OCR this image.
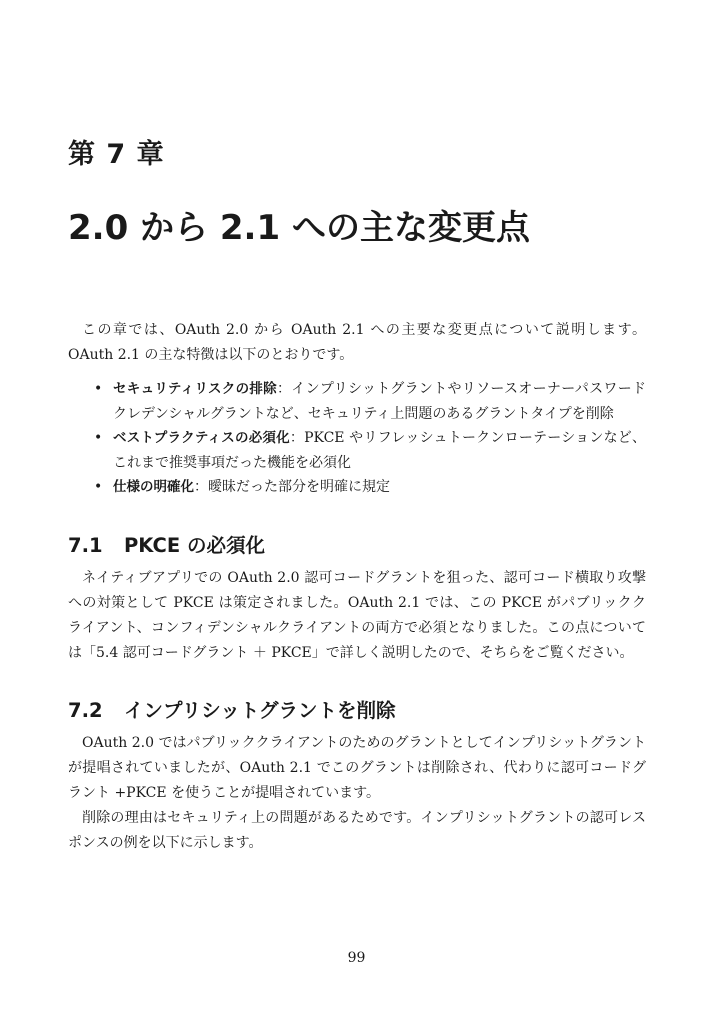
第 7 章
2.0 から 2.1 への主な変更点

この章では、OAuth 2.0 から OAuth 2.1 への主要な変更点について説明します。OAuth 2.1 の主な特徴は以下のとおりです。

• セキュリティリスクの排除：インプリシットグラントやリソースオーナーパスワードクレデンシャルグラントなど、セキュリティ上問題のあるグラントタイプを削除
• ベストプラクティスの必須化：PKCE やリフレッシュトークンローテーションなど、これまで推奨事項だった機能を必須化
• 仕様の明確化：曖昧だった部分を明確に規定
7.1 PKCE の必須化

ネイティブアプリでの OAuth 2.0 認可コードグラントを狙った、認可コード横取り攻撃への対策として PKCE は策定されました。OAuth 2.1 では、この PKCE がパブリッククライアント、コンフィデンシャルクライアントの両方で必須となりました。この点については「5.4 認可コードグラント ＋ PKCE」で詳しく説明したので、そちらをご覧ください。

7.2 インプリシットグラントを削除

OAuth 2.0 ではパブリッククライアントのためのグラントとしてインプリシットグラントが提唱されていましたが、OAuth 2.1 でこのグラントは削除され、代わりに認可コードグラント +PKCE を使うことが提唱されています。

削除の理由はセキュリティ上の問題があるためです。インプリシットグラントの認可レスポンスの例を以下に示します。

99
